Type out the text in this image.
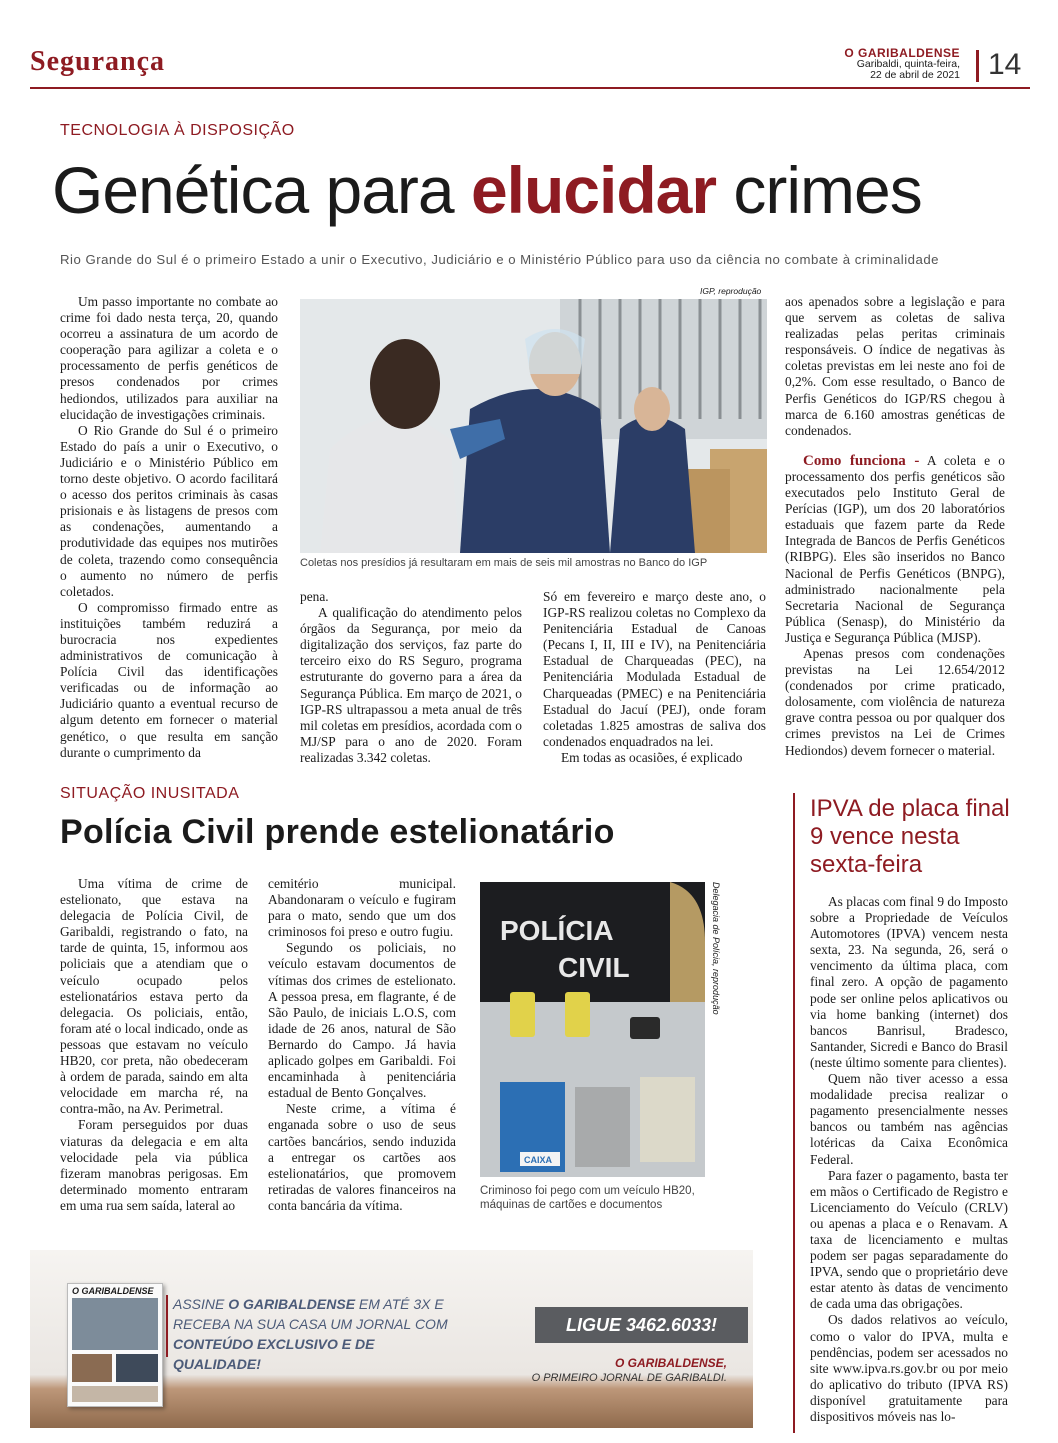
Segurança	O GARIBALDENSE
Garibaldi, quinta-feira,
22 de abril de 2021 14
TECNOLOGIA À DISPOSIÇÃO
Genética para elucidar crimes
Rio Grande do Sul é o primeiro Estado a unir o Executivo, Judiciário e o Ministério Público para uso da ciência no combate à criminalidade

Um passo importante no combate ao crime foi dado nesta terça, 20, quando ocorreu a assinatura de um acordo de cooperação para agilizar a coleta e o processamento de perfis genéticos de presos condenados por crimes hediondos, utilizados para auxiliar na elucidação de investigações criminais.

O Rio Grande do Sul é o primeiro Estado do país a unir o Executivo, o Judiciário e o Ministério Público em torno deste objetivo. O acordo facilitará o acesso dos peritos criminais às casas prisionais e às listagens de presos com as condenações, aumentando a produtividade das equipes nos mutirões de coleta, trazendo como consequência o aumento no número de perfis coletados.

O compromisso firmado entre as instituições também reduzirá a burocracia nos expedientes administrativos de comunicação à Polícia Civil das identificações verificadas ou de informação ao Judiciário quanto a eventual recurso de algum detento em fornecer o material genético, o que resulta em sanção durante o cumprimento da

IGP, reprodução
Coletas nos presídios já resultaram em mais de seis mil amostras no Banco do IGP

pena.

A qualificação do atendimento pelos órgãos da Segurança, por meio da digitalização dos serviços, faz parte do terceiro eixo do RS Seguro, programa estruturante do governo para a área da Segurança Pública. Em março de 2021, o IGP-RS ultrapassou a meta anual de três mil coletas em presídios, acordada com o MJ/SP para o ano de 2020. Foram realizadas 3.342 coletas.

Só em fevereiro e março deste ano, o IGP-RS realizou coletas no Complexo da Penitenciária Estadual de Canoas (Pecans I, II, III e IV), na Penitenciária Estadual de Charqueadas (PEC), na Penitenciária Modulada Estadual de Charqueadas (PMEC) e na Penitenciária Estadual do Jacuí (PEJ), onde foram coletadas 1.825 amostras de saliva dos condenados enquadrados na lei.

Em todas as ocasiões, é explicado

aos apenados sobre a legislação e para que servem as coletas de saliva realizadas pelas peritas criminais responsáveis. O índice de negativas às coletas previstas em lei neste ano foi de 0,2%. Com esse resultado, o Banco de Perfis Genéticos do IGP/RS chegou à marca de 6.160 amostras genéticas de condenados.

Como funciona - A coleta e o processamento dos perfis genéticos são executados pelo Instituto Geral de Perícias (IGP), um dos 20 laboratórios estaduais que fazem parte da Rede Integrada de Bancos de Perfis Genéticos (RIBPG). Eles são inseridos no Banco Nacional de Perfis Genéticos (BNPG), administrado nacionalmente pela Secretaria Nacional de Segurança Pública (Senasp), do Ministério da Justiça e Segurança Pública (MJSP).

Apenas presos com condenações previstas na Lei 12.654/2012 (condenados por crime praticado, dolosamente, com violência de natureza grave contra pessoa ou por qualquer dos crimes previstos na Lei de Crimes Hediondos) devem fornecer o material.

SITUAÇÃO INUSITADA
Polícia Civil prende estelionatário

Uma vítima de crime de estelionato, que estava na delegacia de Polícia Civil, de Garibaldi, registrando o fato, na tarde de quinta, 15, informou aos policiais que a atendiam que o veículo ocupado pelos estelionatários estava perto da delegacia. Os policiais, então, foram até o local indicado, onde as pessoas que estavam no veículo HB20, cor preta, não obedeceram à ordem de parada, saindo em alta velocidade em marcha ré, na contra-mão, na Av. Perimetral.

Foram perseguidos por duas viaturas da delegacia e em alta velocidade pela via pública fizeram manobras perigosas. Em determinado momento entraram em uma rua sem saída, lateral ao

cemitério municipal. Abandonaram o veículo e fugiram para o mato, sendo que um dos criminosos foi preso e outro fugiu.

Segundo os policiais, no veículo estavam documentos de vítimas dos crimes de estelionato. A pessoa presa, em flagrante, é de São Paulo, de iniciais L.O.S, com idade de 26 anos, natural de São Bernardo do Campo. Já havia aplicado golpes em Garibaldi. Foi encaminhada à penitenciária estadual de Bento Gonçalves.

Neste crime, a vítima é enganada sobre o uso de seus cartões bancários, sendo induzida a entregar os cartões aos estelionatários, que promovem retiradas de valores financeiros na conta bancária da vítima.

POLÍCIA
CIVIL
CAIXA
Delegacia de Polícia, reprodução
Criminoso foi pego com um veículo HB20, máquinas de cartões e documentos
IPVA de placa final 9 vence nesta sexta-feira

As placas com final 9 do Imposto sobre a Propriedade de Veículos Automotores (IPVA) vencem nesta sexta, 23. Na segunda, 26, será o vencimento da última placa, com final zero. A opção de pagamento pode ser online pelos aplicativos ou via home banking (internet) dos bancos Banrisul, Bradesco, Santander, Sicredi e Banco do Brasil (neste último somente para clientes).

Quem não tiver acesso a essa modalidade precisa realizar o pagamento presencialmente nesses bancos ou também nas agências lotéricas da Caixa Econômica Federal.

Para fazer o pagamento, basta ter em mãos o Certificado de Registro e Licenciamento do Veículo (CRLV) ou apenas a placa e o Renavam. A taxa de licenciamento e multas podem ser pagas separadamente do IPVA, sendo que o proprietário deve estar atento às datas de vencimento de cada uma das obrigações.

Os dados relativos ao veículo, como o valor do IPVA, multa e pendências, podem ser acessados no site www.ipva.rs.gov.br ou por meio do aplicativo do tributo (IPVA RS) disponível gratuitamente para dispositivos móveis nas lo-

O GARIBALDENSE
ASSINE O GARIBALDENSE EM ATÉ 3X E
RECEBA NA SUA CASA UM JORNAL COM
CONTEÚDO EXCLUSIVO E DE QUALIDADE!
LIGUE 3462.6033!
O GARIBALDENSE,
O PRIMEIRO JORNAL DE GARIBALDI.
